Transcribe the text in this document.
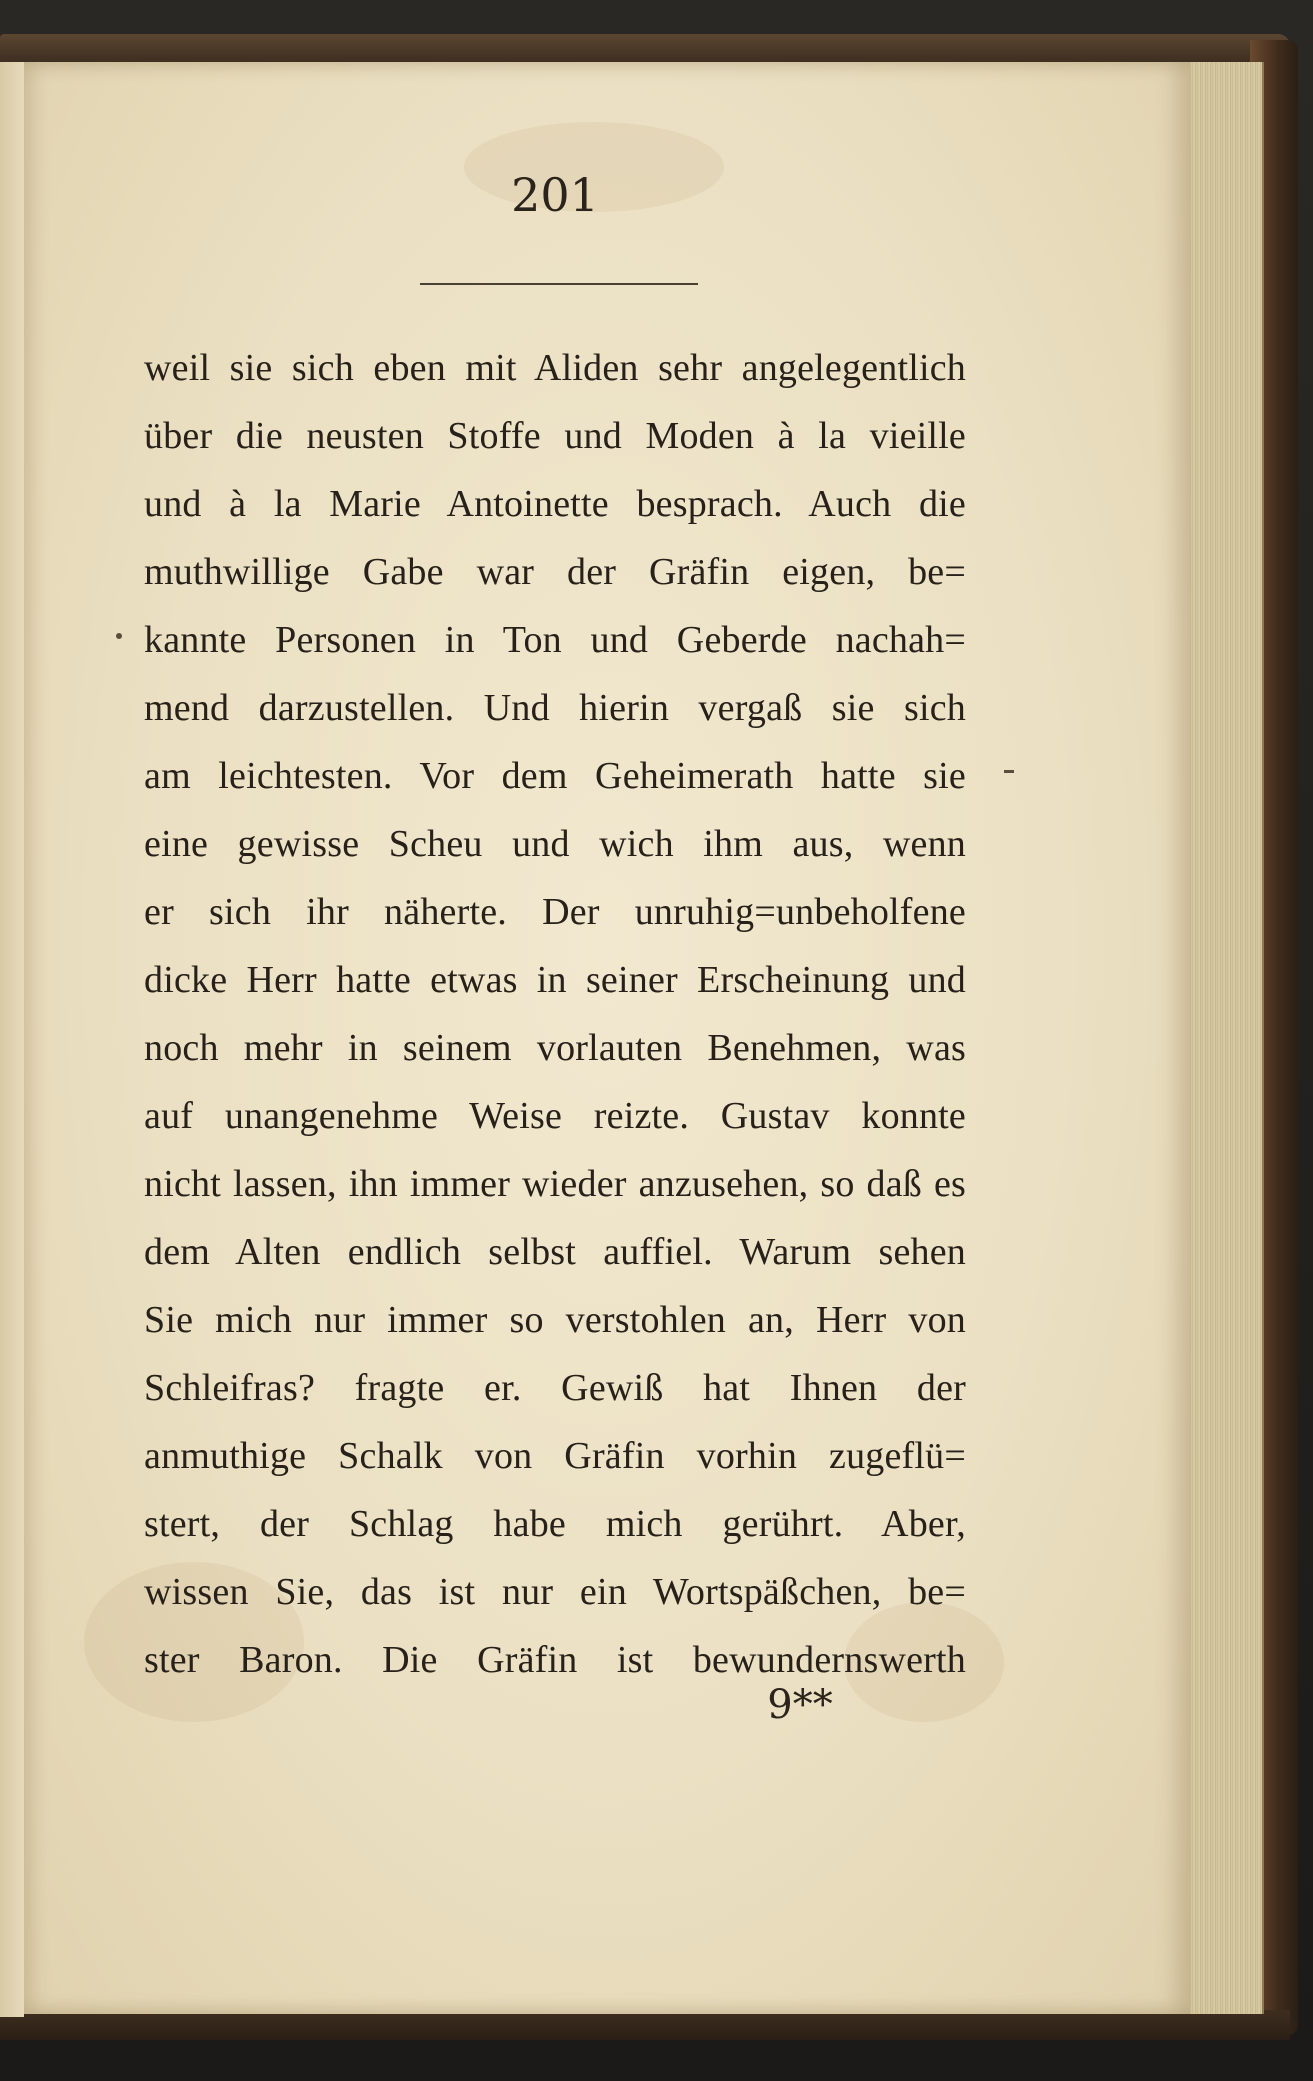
201
weil sie sich eben mit Aliden sehr angelegentlich
über die neusten Stoffe und Moden à la vieille
und à la Marie Antoinette besprach. Auch die
muthwillige Gabe war der Gräfin eigen, be=
kannte Personen in Ton und Geberde nachah=
mend darzustellen. Und hierin vergaß sie sich
am leichtesten. Vor dem Geheimerath hatte sie
eine gewisse Scheu und wich ihm aus, wenn
er sich ihr näherte. Der unruhig=unbeholfene
dicke Herr hatte etwas in seiner Erscheinung und
noch mehr in seinem vorlauten Benehmen, was
auf unangenehme Weise reizte. Gustav konnte
nicht lassen, ihn immer wieder anzusehen, so daß es
dem Alten endlich selbst auffiel. Warum sehen
Sie mich nur immer so verstohlen an, Herr von
Schleifras? fragte er. Gewiß hat Ihnen der
anmuthige Schalk von Gräfin vorhin zugeflü=
stert, der Schlag habe mich gerührt. Aber,
wissen Sie, das ist nur ein Wortspäßchen, be=
ster Baron. Die Gräfin ist bewundernswerth
9**
